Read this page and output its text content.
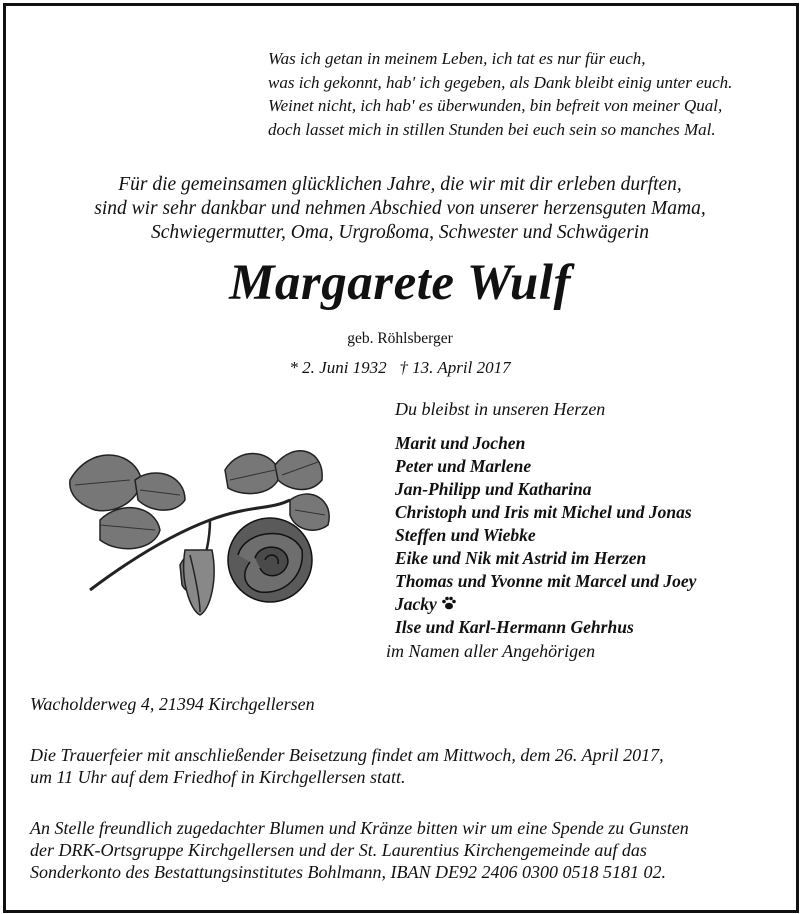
Was ich getan in meinem Leben, ich tat es nur für euch,
was ich gekonnt, hab' ich gegeben, als Dank bleibt einig unter euch.
Weinet nicht, ich hab' es überwunden, bin befreit von meiner Qual,
doch lasset mich in stillen Stunden bei euch sein so manches Mal.
Für die gemeinsamen glücklichen Jahre, die wir mit dir erleben durften,
sind wir sehr dankbar und nehmen Abschied von unserer herzensguten Mama,
Schwiegermutter, Oma, Urgroßoma, Schwester und Schwägerin
Margarete Wulf
geb. Röhlsberger
* 2. Juni 1932   † 13. April 2017
Du bleibst in unseren Herzen
Marit und Jochen
Peter und Marlene
Jan-Philipp und Katharina
Christoph und Iris mit Michel und Jonas
Steffen und Wiebke
Eike und Nik mit Astrid im Herzen
Thomas und Yvonne mit Marcel und Joey
Jacky
Ilse und Karl-Hermann Gehrhus
im Namen aller Angehörigen
Wacholderweg 4, 21394 Kirchgellersen
Die Trauerfeier mit anschließender Beisetzung findet am Mittwoch, dem 26. April 2017,
um 11 Uhr auf dem Friedhof in Kirchgellersen statt.
An Stelle freundlich zugedachter Blumen und Kränze bitten wir um eine Spende zu Gunsten
der DRK-Ortsgruppe Kirchgellersen und der St. Laurentius Kirchengemeinde auf das
Sonderkonto des Bestattungsinstitutes Bohlmann, IBAN DE92 2406 0300 0518 5181 02.
